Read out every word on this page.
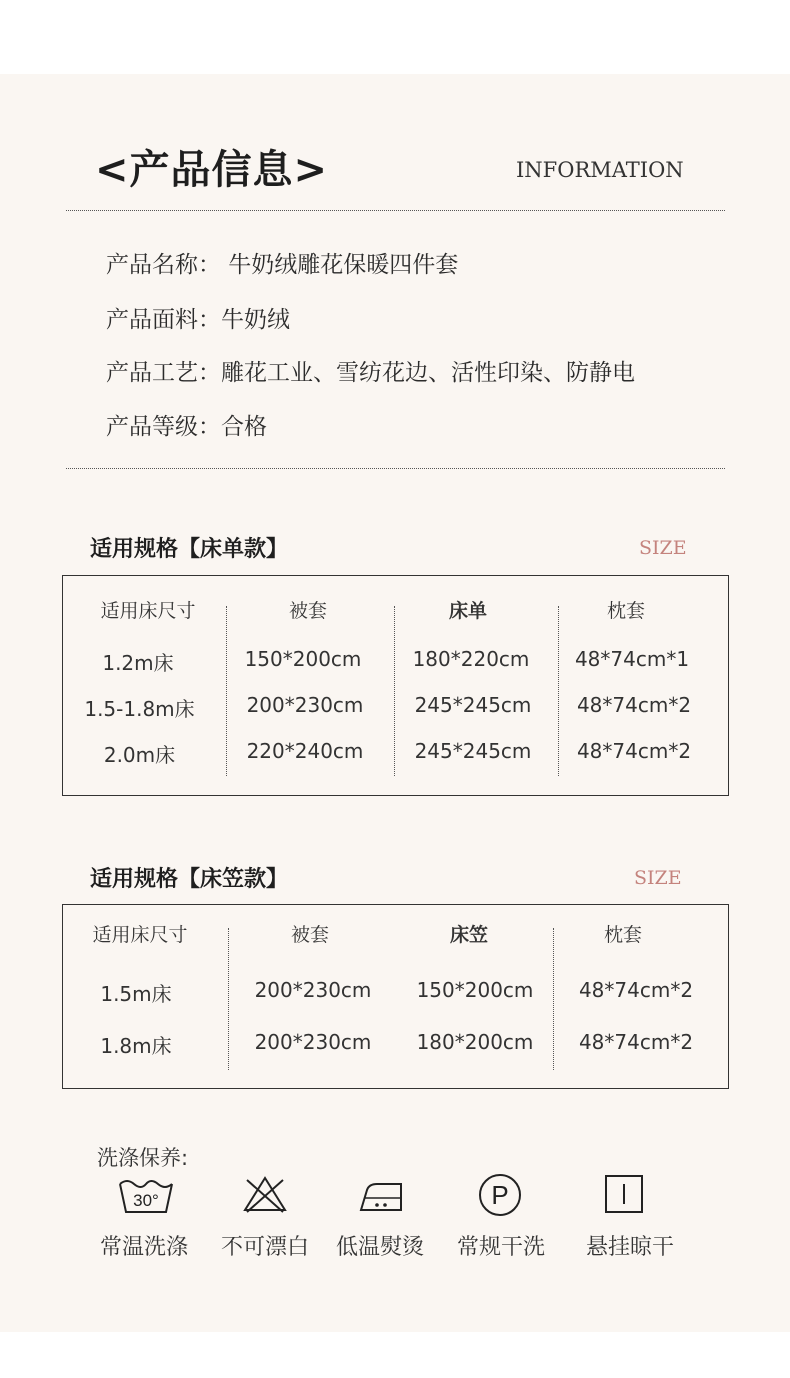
<产品信息>	INFORMATION
产品名称： 牛奶绒雕花保暖四件套
产品面料：牛奶绒
产品工艺：雕花工业、雪纺花边、活性印染、防静电
产品等级：合格
适用规格【床单款】	SIZE
适用床尺寸	被套	床单	枕套
1.2m床	150*200cm	180*220cm	48*74cm*1
1.5-1.8m床	200*230cm	245*245cm	48*74cm*2
2.0m床	220*240cm	245*245cm	48*74cm*2
适用规格【床笠款】	SIZE
适用床尺寸	被套	床笠	枕套
1.5m床	200*230cm	150*200cm	48*74cm*2
1.8m床	200*230cm	180*200cm	48*74cm*2
洗涤保养:
30°	P
常温洗涤	不可漂白	低温熨烫	常规干洗	悬挂晾干
